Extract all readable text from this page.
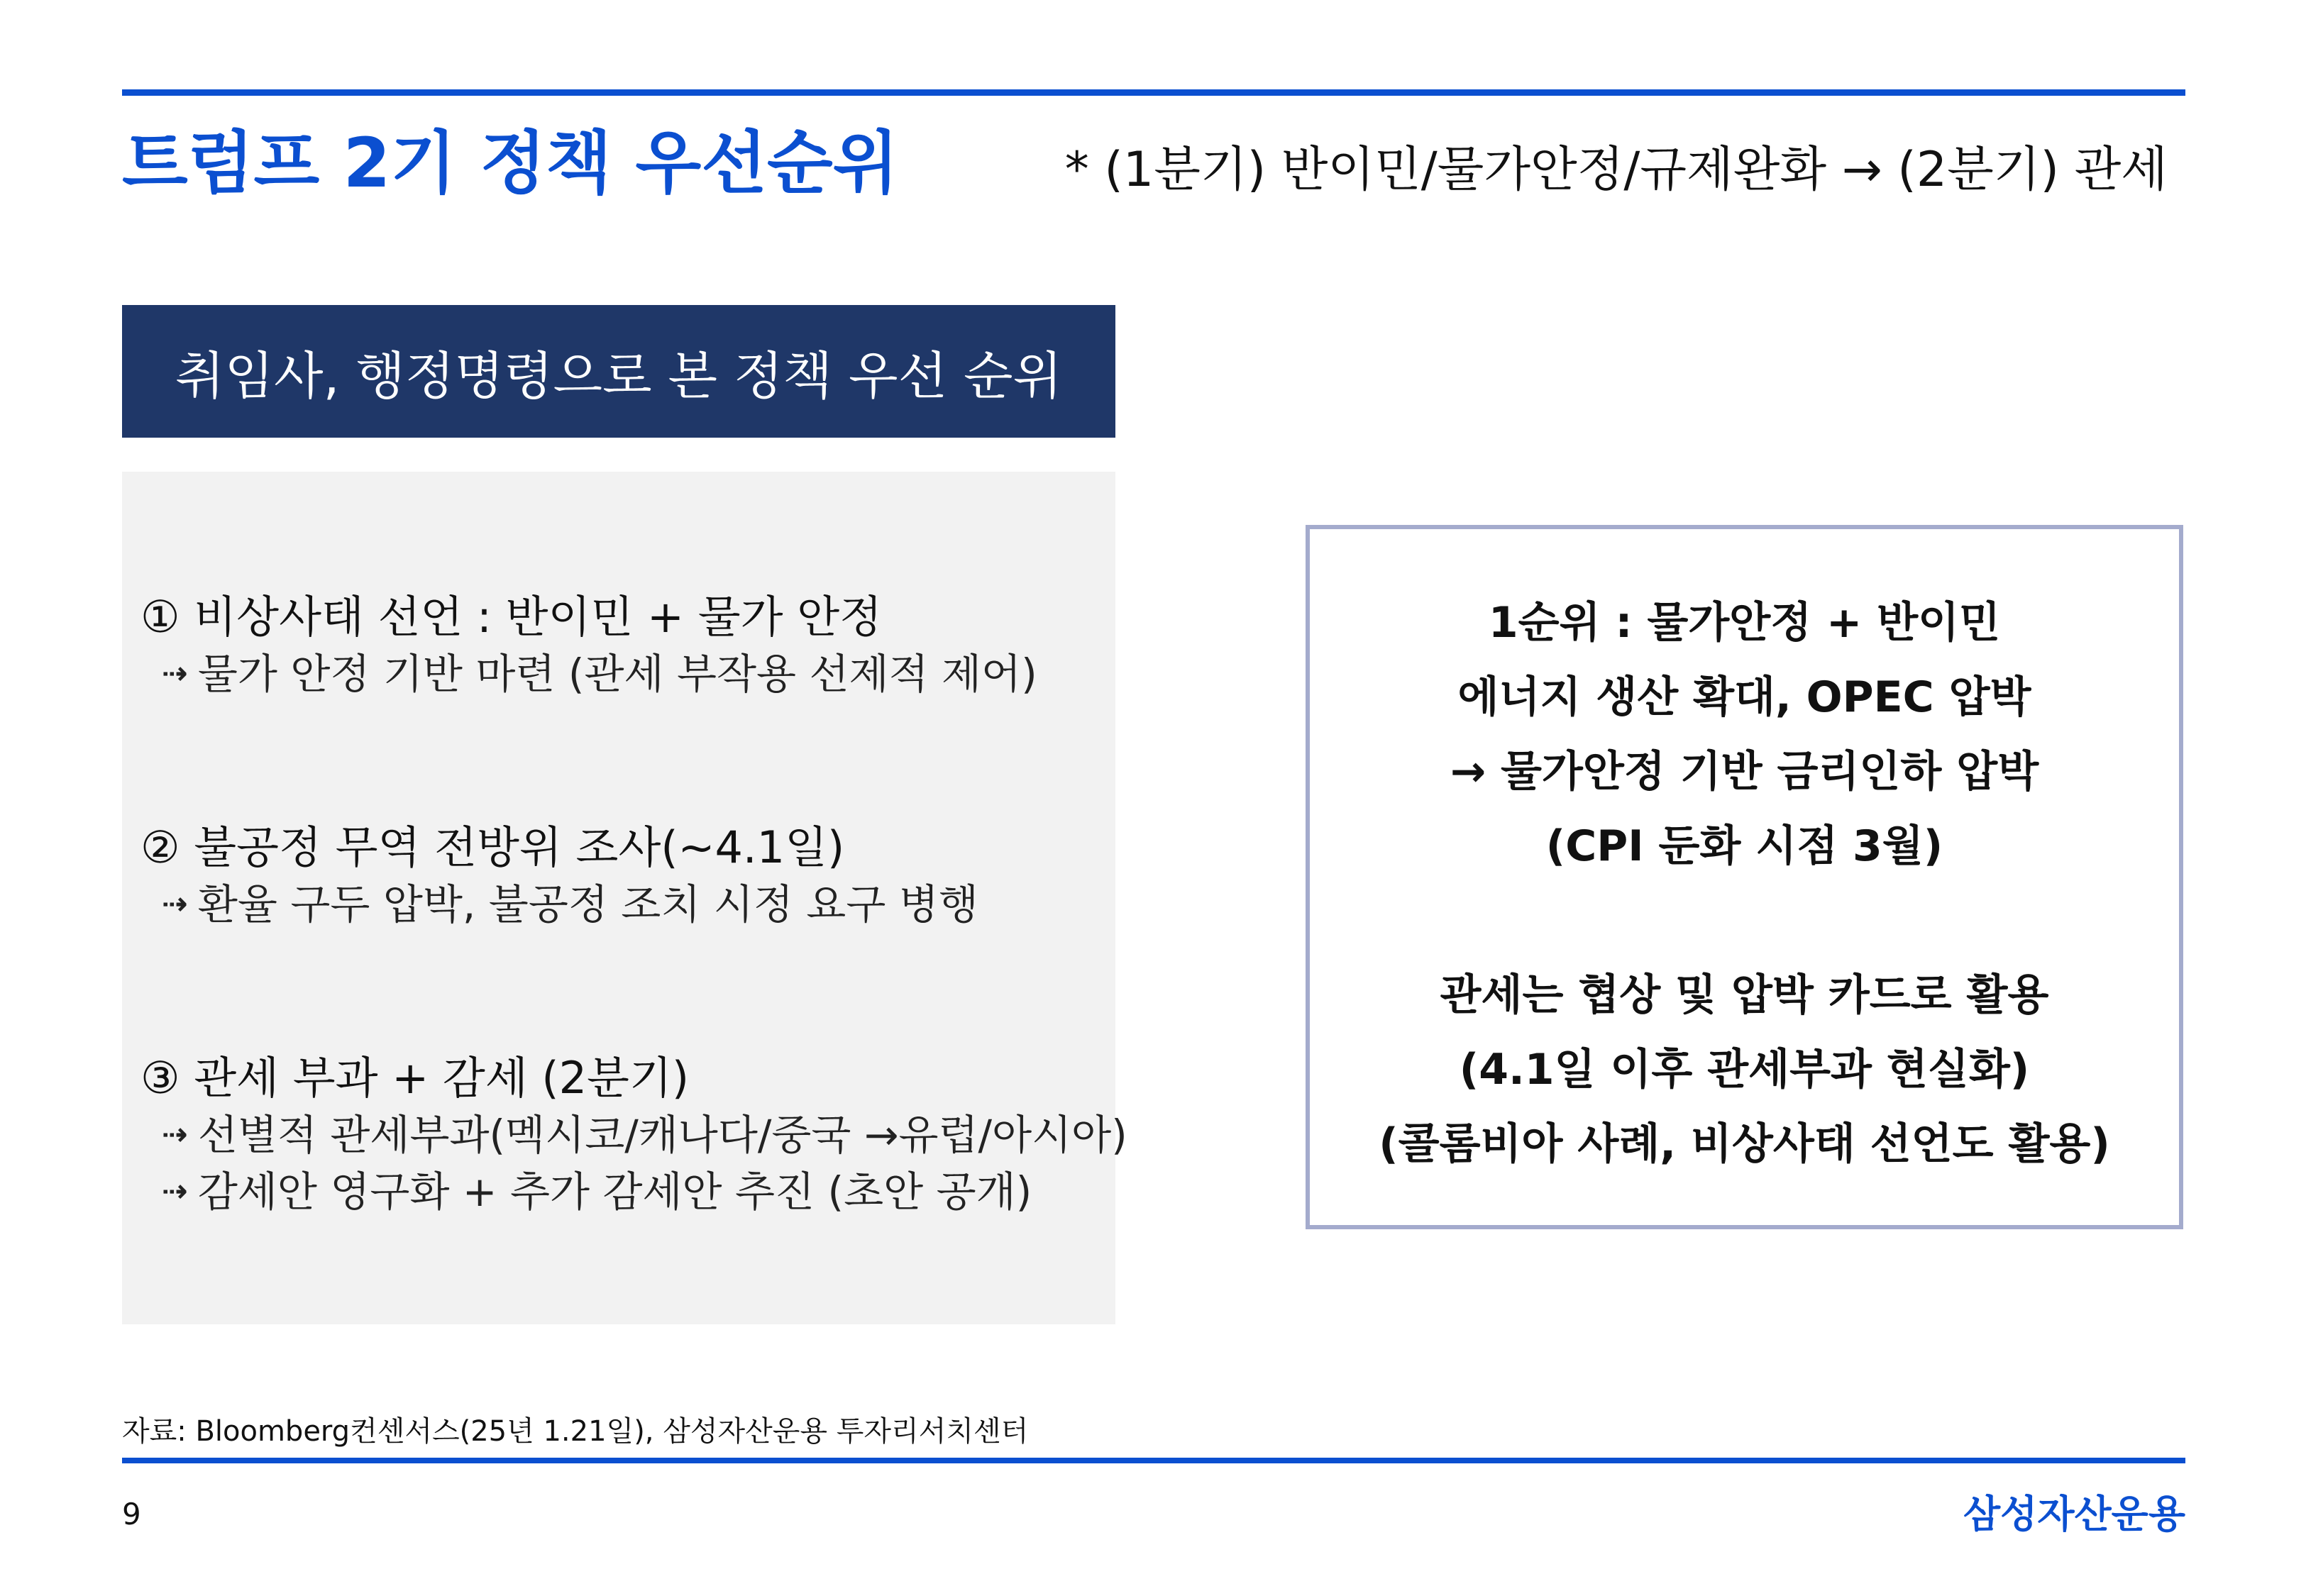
트럼프 2기 정책 우선순위	* (1분기) 반이민/물가안정/규제완화 → (2분기) 관세
취임사, 행정명령으로 본 정책 우선 순위
① 비상사태 선언 : 반이민 + 물가 안정
⇢ 물가 안정 기반 마련 (관세 부작용 선제적 제어)
② 불공정 무역 전방위 조사(~4.1일)
⇢ 환율 구두 압박, 불공정 조치 시정 요구 병행
③ 관세 부과 + 감세 (2분기)
⇢ 선별적 관세부과(멕시코/캐나다/중국 →유럽/아시아)
⇢ 감세안 영구화 + 추가 감세안 추진 (초안 공개)
1순위 : 물가안정 + 반이민
에너지 생산 확대, OPEC 압박
→ 물가안정 기반 금리인하 압박
(CPI 둔화 시점 3월)
관세는 협상 및 압박 카드로 활용
(4.1일 이후 관세부과 현실화)
(콜롬비아 사례, 비상사태 선언도 활용)
자료: Bloomberg컨센서스(25년 1.21일), 삼성자산운용 투자리서치센터
9	삼성자산운용
